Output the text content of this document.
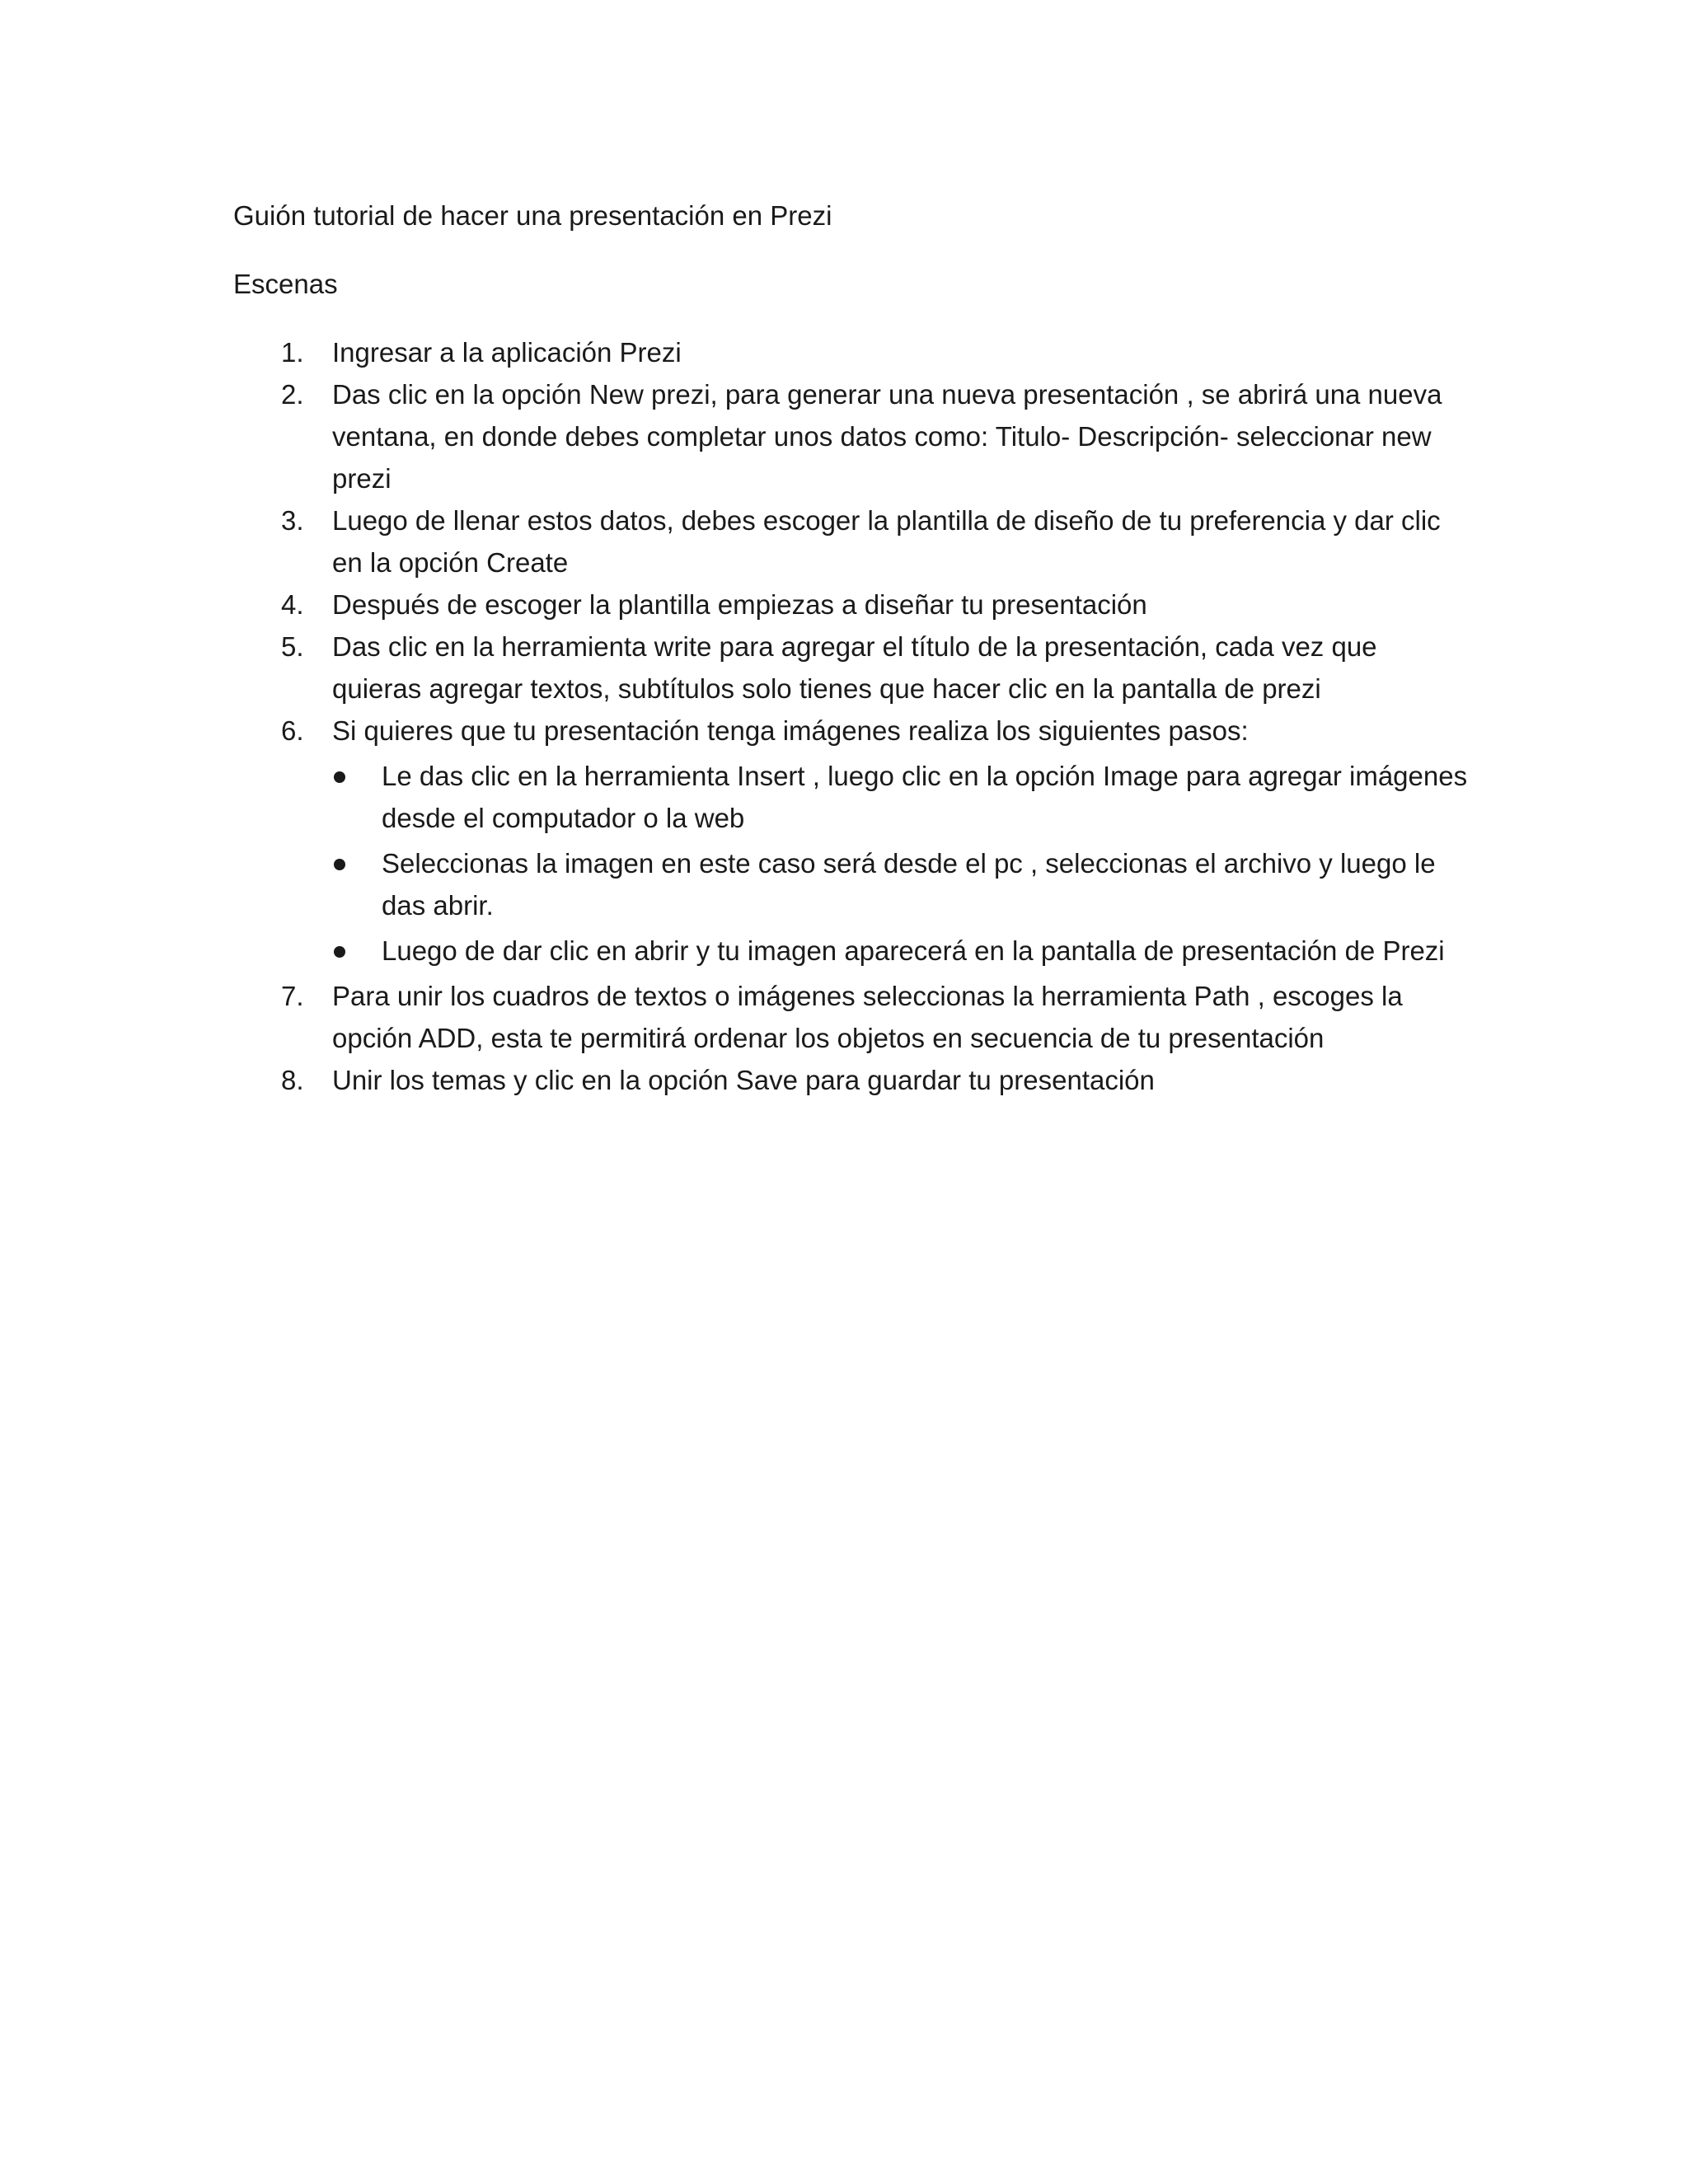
Guión tutorial de hacer una presentación en Prezi

Escenas

1.	Ingresar a la aplicación Prezi
2.	Das clic en la opción New prezi, para generar una nueva presentación , se abrirá una nueva ventana, en donde debes completar unos datos como: Titulo- Descripción- seleccionar new prezi
3.	Luego de llenar estos datos, debes escoger la plantilla de diseño de tu preferencia y dar clic en la opción Create
4.	Después de escoger la plantilla empiezas a diseñar tu presentación
5.	Das clic en la herramienta write para agregar el título de la presentación, cada vez que quieras agregar textos, subtítulos solo tienes que hacer clic en la pantalla de prezi
6.	Si quieres que tu presentación tenga imágenes realiza los siguientes pasos:
Le das clic en la herramienta Insert , luego clic en la opción Image para agregar imágenes desde el computador o la web
Seleccionas la imagen en este caso será desde el pc , seleccionas el archivo y luego le das abrir.
Luego de dar clic en abrir y tu imagen aparecerá en la pantalla de presentación de Prezi
7.	Para unir los cuadros de textos o imágenes seleccionas la herramienta Path , escoges la opción ADD, esta te permitirá ordenar los objetos en secuencia de tu presentación
8.	Unir los temas y clic en la opción Save para guardar tu presentación
